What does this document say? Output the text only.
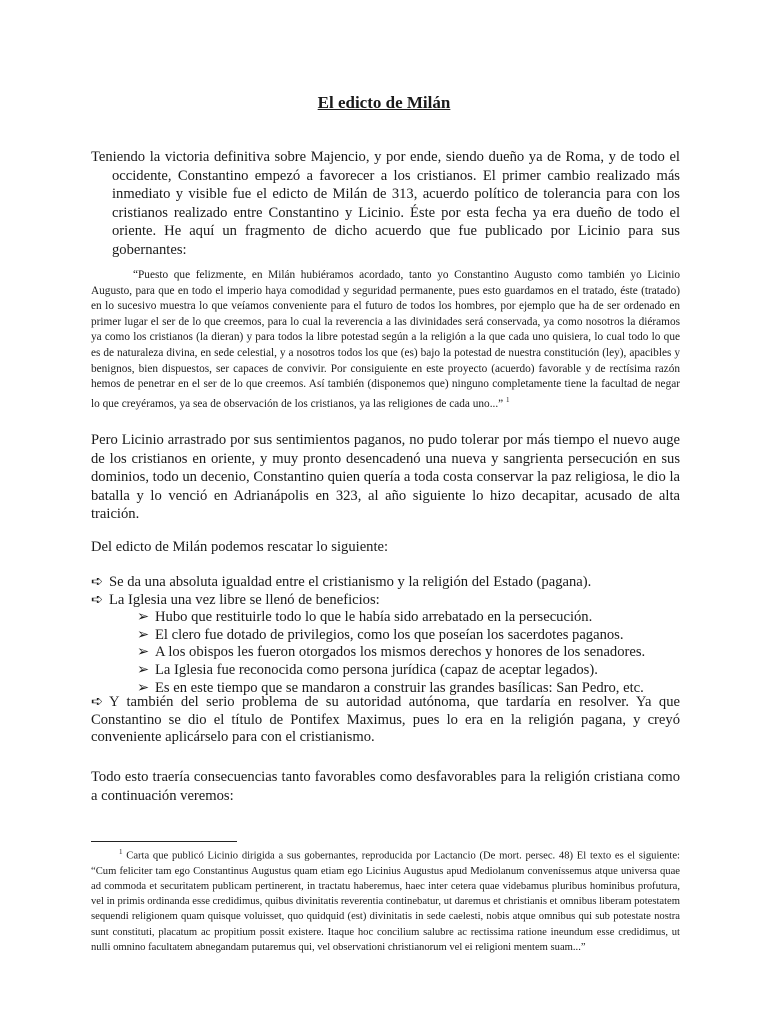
El edicto de Milán
Teniendo la victoria definitiva sobre Majencio, y por ende, siendo dueño ya de Roma, y de todo el occidente, Constantino empezó a favorecer a los cristianos. El primer cambio realizado más inmediato y visible fue el edicto de Milán de 313, acuerdo político de tolerancia para con los cristianos realizado entre Constantino y Licinio. Éste por esta fecha ya era dueño de todo el oriente. He aquí un fragmento de dicho acuerdo que fue publicado por Licinio para sus gobernantes:
“Puesto que felizmente, en Milán hubiéramos acordado, tanto yo Constantino Augusto como también yo Licinio Augusto, para que en todo el imperio haya comodidad y seguridad permanente, pues esto guardamos en el tratado, éste (tratado) en lo sucesivo muestra lo que veíamos conveniente para el futuro de todos los hombres, por ejemplo que ha de ser ordenado en primer lugar el ser de lo que creemos, para lo cual la reverencia a las divinidades será conservada, ya como nosotros la diéramos ya como los cristianos (la dieran) y para todos la libre potestad según a la religión a la que cada uno quisiera, lo cual todo lo que es de naturaleza divina, en sede celestial, y a nosotros todos los que (es) bajo la potestad de nuestra constitución (ley), apacibles y benignos, bien dispuestos, ser capaces de convivir. Por consiguiente en este proyecto (acuerdo) favorable y de rectísima razón hemos de penetrar en el ser de lo que creemos. Así también (disponemos que) ninguno completamente tiene la facultad de negar lo que creyéramos, ya sea de observación de los cristianos, ya las religiones de cada uno...” $^1$
Pero Licinio arrastrado por sus sentimientos paganos, no pudo tolerar por más tiempo el nuevo auge de los cristianos en oriente, y muy pronto desencadenó una nueva y sangrienta persecución en sus dominios, todo un decenio, Constantino quien quería a toda costa conservar la paz religiosa, le dio la batalla y lo venció en Adrianápolis en 323, al año siguiente lo hizo decapitar, acusado de alta traición.
Del edicto de Milán podemos rescatar lo siguiente:
➪ Se da una absoluta igualdad entre el cristianismo y la religión del Estado (pagana).
➪ La Iglesia una vez libre se llenó de beneficios:
➢ Hubo que restituirle todo lo que le había sido arrebatado en la persecución.
➢ El clero fue dotado de privilegios, como los que poseían los sacerdotes paganos.
➢ A los obispos les fueron otorgados los mismos derechos y honores de los senadores.
➢ La Iglesia fue reconocida como persona jurídica (capaz de aceptar legados).
➢ Es en este tiempo que se mandaron a construir las grandes basílicas: San Pedro, etc.
➪ Y también del serio problema de su autoridad autónoma, que tardaría en resolver. Ya que Constantino se dio el título de Pontifex Maximus, pues lo era en la religión pagana, y creyó conveniente aplicárselo para con el cristianismo.
Todo esto traería consecuencias tanto favorables como desfavorables para la religión cristiana como a continuación veremos:
$^1$ Carta que publicó Licinio dirigida a sus gobernantes, reproducida por Lactancio (De mort. persec. 48) El texto es el siguiente: “Cum feliciter tam ego Constantinus Augustus quam etiam ego Licinius Augustus apud Mediolanum conveníssemus atque universa quae ad commoda et securitatem publicam pertinerent, in tractatu haberemus, haec inter cetera quae videbamus pluribus hominibus profutura, vel in primis ordinanda esse credidimus, quibus divinitatis reverentia continebatur, ut daremus et christianis et omnibus liberam potestatem sequendi religionem quam quisque voluisset, quo quidquid (est) divinitatis in sede caelesti, nobis atque omnibus qui sub potestate nostra sunt constituti, placatum ac propitium possit existere. Itaque hoc concilium salubre ac rectissima ratione ineundum esse credidimus, ut nulli omnino facultatem abnegandam putaremus qui, vel observationi christianorum vel ei religioni mentem suam...”
